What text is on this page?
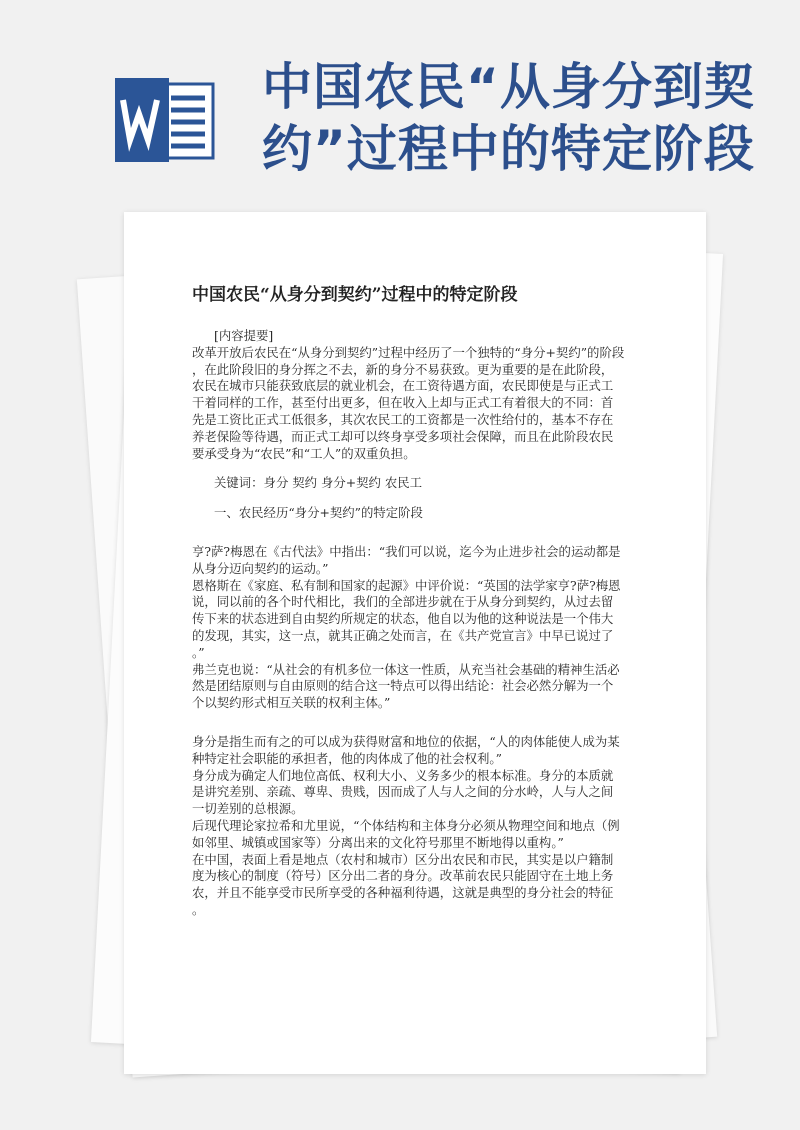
中国农民“从身分到契
约”过程中的特定阶段
中国农民“从身分到契约”过程中的特定阶段

[内容提要]

改革开放后农民在“从身分到契约”过程中经历了一个独特的“身分+契约”的阶段

，在此阶段旧的身分挥之不去，新的身分不易获致。更为重要的是在此阶段，

农民在城市只能获致底层的就业机会，在工资待遇方面，农民即使是与正式工

干着同样的工作，甚至付出更多，但在收入上却与正式工有着很大的不同：首

先是工资比正式工低很多，其次农民工的工资都是一次性给付的，基本不存在

养老保险等待遇，而正式工却可以终身享受多项社会保障，而且在此阶段农民

要承受身为“农民”和“工人”的双重负担。

关键词：身分 契约 身分+契约 农民工

一、农民经历“身分+契约”的特定阶段

亨?萨?梅恩在《古代法》中指出：“我们可以说，迄今为止进步社会的运动都是

从身分迈向契约的运动。”

恩格斯在《家庭、私有制和国家的起源》中评价说：“英国的法学家亨?萨?梅恩

说，同以前的各个时代相比，我们的全部进步就在于从身分到契约，从过去留

传下来的状态进到自由契约所规定的状态，他自以为他的这种说法是一个伟大

的发现，其实，这一点，就其正确之处而言，在《共产党宣言》中早已说过了

。”

弗兰克也说：“从社会的有机多位一体这一性质，从充当社会基础的精神生活必

然是团结原则与自由原则的结合这一特点可以得出结论：社会必然分解为一个

个以契约形式相互关联的权利主体。”

身分是指生而有之的可以成为获得财富和地位的依据，“人的肉体能使人成为某

种特定社会职能的承担者，他的肉体成了他的社会权利。”

身分成为确定人们地位高低、权利大小、义务多少的根本标准。身分的本质就

是讲究差别、亲疏、尊卑、贵贱，因而成了人与人之间的分水岭，人与人之间

一切差别的总根源。

后现代理论家拉希和尤里说，“个体结构和主体身分必须从物理空间和地点（例

如邻里、城镇或国家等）分离出来的文化符号那里不断地得以重构。”

在中国，表面上看是地点（农村和城市）区分出农民和市民，其实是以户籍制

度为核心的制度（符号）区分出二者的身分。改革前农民只能固守在土地上务

农，并且不能享受市民所享受的各种福利待遇，这就是典型的身分社会的特征

。
